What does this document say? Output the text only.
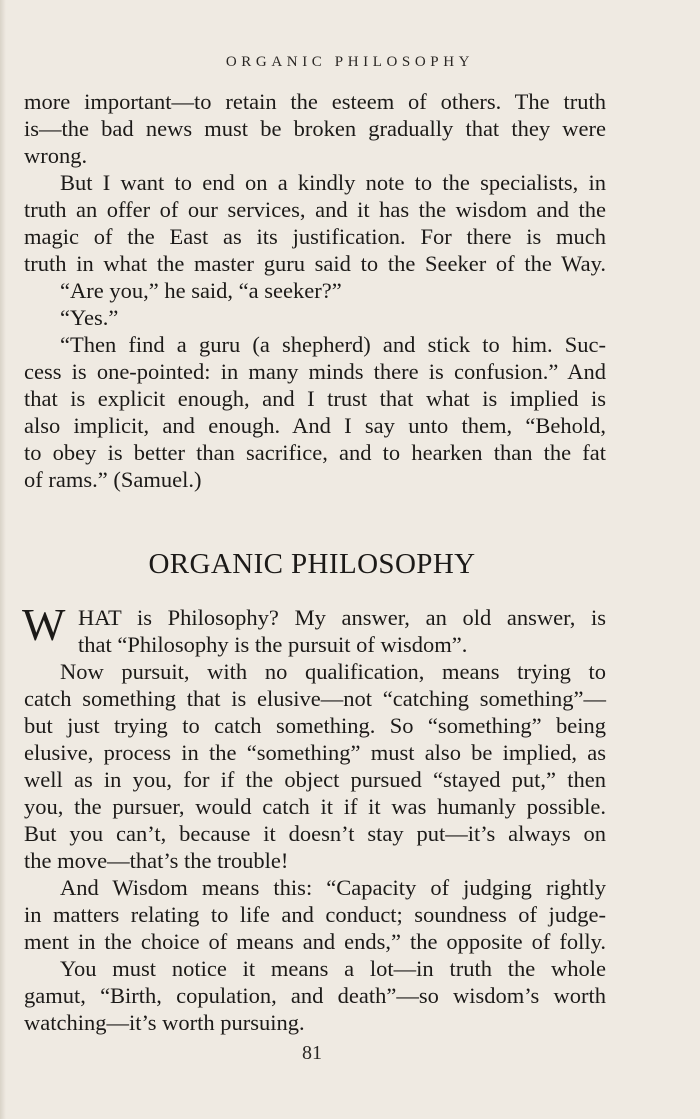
ORGANIC PHILOSOPHY
more important—to retain the esteem of others. The truth
is—the bad news must be broken gradually that they were
wrong.
But I want to end on a kindly note to the specialists, in
truth an offer of our services, and it has the wisdom and the
magic of the East as its justification. For there is much
truth in what the master guru said to the Seeker of the Way.
“Are you,” he said, “a seeker?”
“Yes.”
“Then find a guru (a shepherd) and stick to him. Suc-
cess is one-pointed: in many minds there is confusion.” And
that is explicit enough, and I trust that what is implied is
also implicit, and enough. And I say unto them, “Behold,
to obey is better than sacrifice, and to hearken than the fat
of rams.” (Samuel.)
ORGANIC PHILOSOPHY
W HAT is Philosophy? My answer, an old answer, is
that “Philosophy is the pursuit of wisdom”.
Now pursuit, with no qualification, means trying to
catch something that is elusive—not “catching something”—
but just trying to catch something. So “something” being
elusive, process in the “something” must also be implied, as
well as in you, for if the object pursued “stayed put,” then
you, the pursuer, would catch it if it was humanly possible.
But you can’t, because it doesn’t stay put—it’s always on
the move—that’s the trouble!
And Wisdom means this: “Capacity of judging rightly
in matters relating to life and conduct; soundness of judge-
ment in the choice of means and ends,” the opposite of folly.
You must notice it means a lot—in truth the whole
gamut, “Birth, copulation, and death”—so wisdom’s worth
watching—it’s worth pursuing.
81
